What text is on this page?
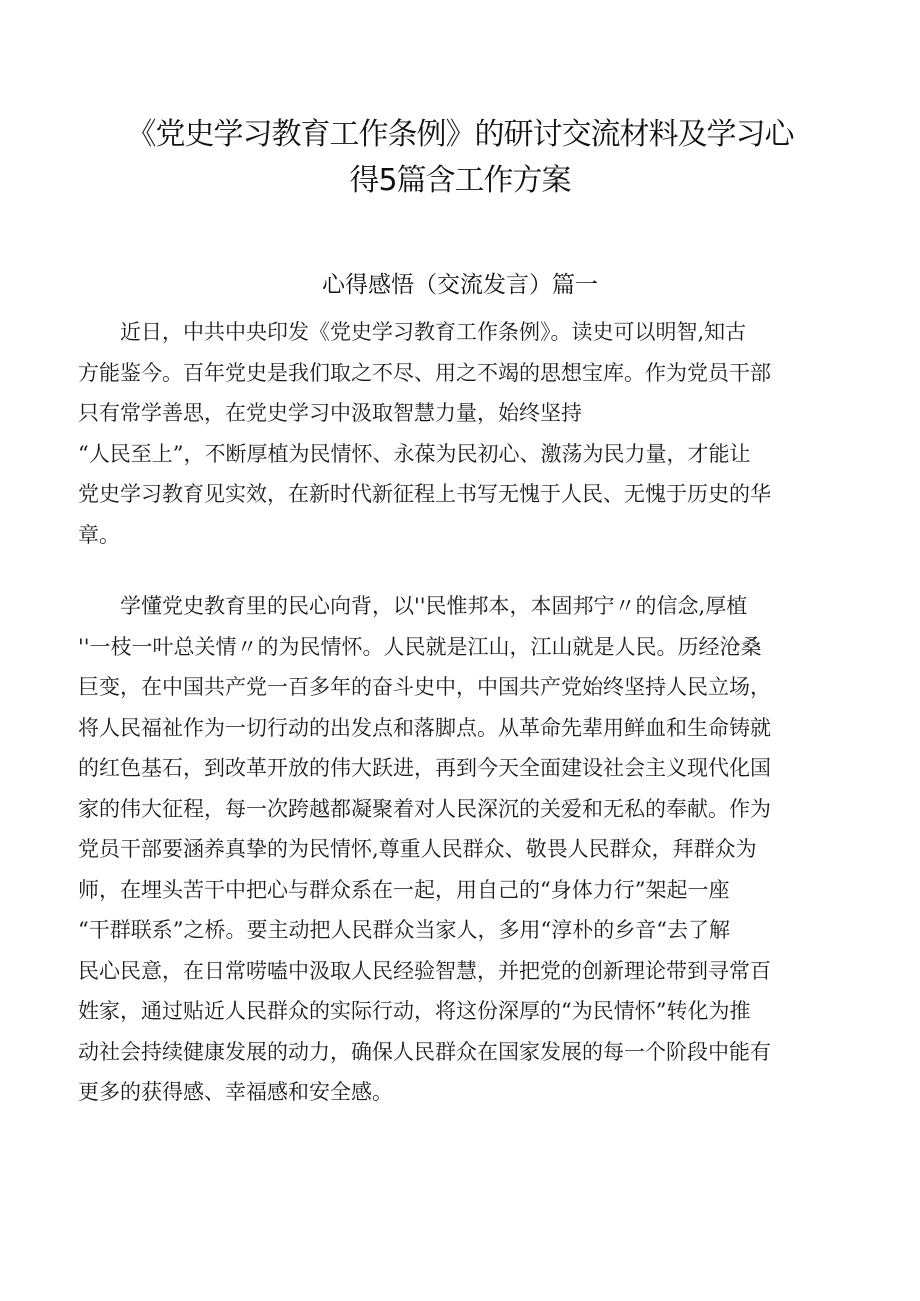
《党史学习教育工作条例》的研讨交流材料及学习心
得5篇含工作方案
心得感悟（交流发言）篇一
　　近日，中共中央印发《党史学习教育工作条例》。读史可以明智,知古
方能鉴今。百年党史是我们取之不尽、用之不竭的思想宝库。作为党员干部
只有常学善思，在党史学习中汲取智慧力量，始终坚持
“人民至上”，不断厚植为民情怀、永葆为民初心、激荡为民力量，才能让
党史学习教育见实效，在新时代新征程上书写无愧于人民、无愧于历史的华
章。
　　学懂党史教育里的民心向背，以''民惟邦本，本固邦宁〃的信念,厚植
''一枝一叶总关情〃的为民情怀。人民就是江山，江山就是人民。历经沧桑
巨变，在中国共产党一百多年的奋斗史中，中国共产党始终坚持人民立场，
将人民福祉作为一切行动的出发点和落脚点。从革命先辈用鲜血和生命铸就
的红色基石，到改革开放的伟大跃进，再到今天全面建设社会主义现代化国
家的伟大征程，每一次跨越都凝聚着对人民深沉的关爱和无私的奉献。作为
党员干部要涵养真挚的为民情怀,尊重人民群众、敬畏人民群众，拜群众为
师，在埋头苦干中把心与群众系在一起，用自己的“身体力行”架起一座
“干群联系”之桥。要主动把人民群众当家人，多用“淳朴的乡音“去了解
民心民意，在日常唠嗑中汲取人民经验智慧，并把党的创新理论带到寻常百
姓家，通过贴近人民群众的实际行动，将这份深厚的“为民情怀”转化为推
动社会持续健康发展的动力，确保人民群众在国家发展的每一个阶段中能有
更多的获得感、幸福感和安全感。
